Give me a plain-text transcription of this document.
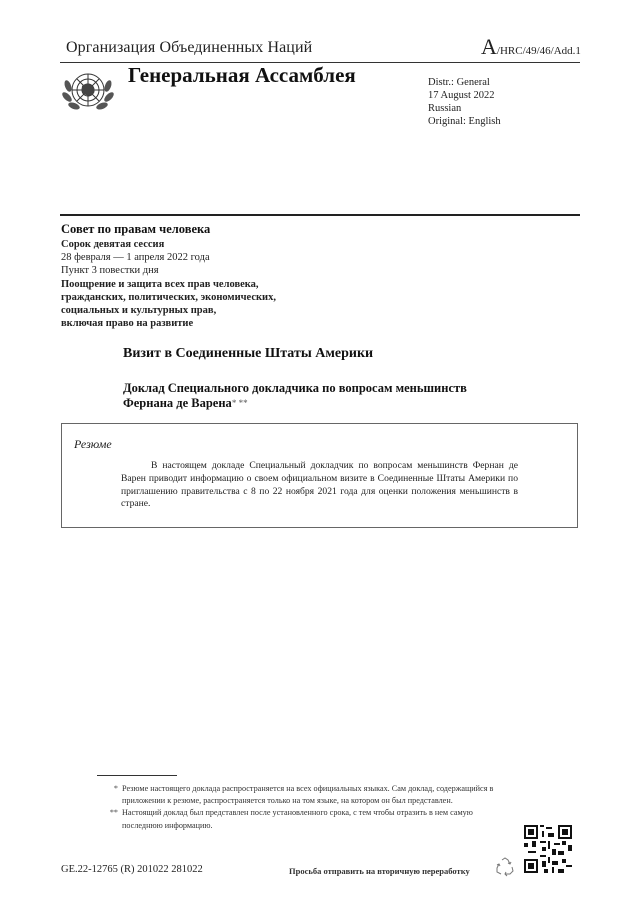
Организация Объединенных Наций	A/HRC/49/46/Add.1
Генеральная Ассамблея	Distr.: General
17 August 2022
Russian
Original: English
Совет по правам человека
Сорок девятая сессия
28 февраля — 1 апреля 2022 года
Пункт 3 повестки дня
Поощрение и защита всех прав человека,
гражданских, политических, экономических,
социальных и культурных прав,
включая право на развитие
Визит в Соединенные Штаты Америки
Доклад Специального докладчика по вопросам меньшинств
Фернана де Варена* **
Резюме

В настоящем докладе Специальный докладчик по вопросам меньшинств Фернан де Варен приводит информацию о своем официальном визите в Соединенные Штаты Америки по приглашению правительства с 8 по 22 ноября 2021 года для оценки положения меньшинств в стране.

* Резюме настоящего доклада распространяется на всех официальных языках. Сам доклад, содержащийся в приложении к резюме, распространяется только на том языке, на котором он был представлен.
** Настоящий доклад был представлен после установленного срока, с тем чтобы отразить в нем самую последнюю информацию.
GE.22-12765 (R) 201022 281022	Просьба отправить на вторичную переработку
